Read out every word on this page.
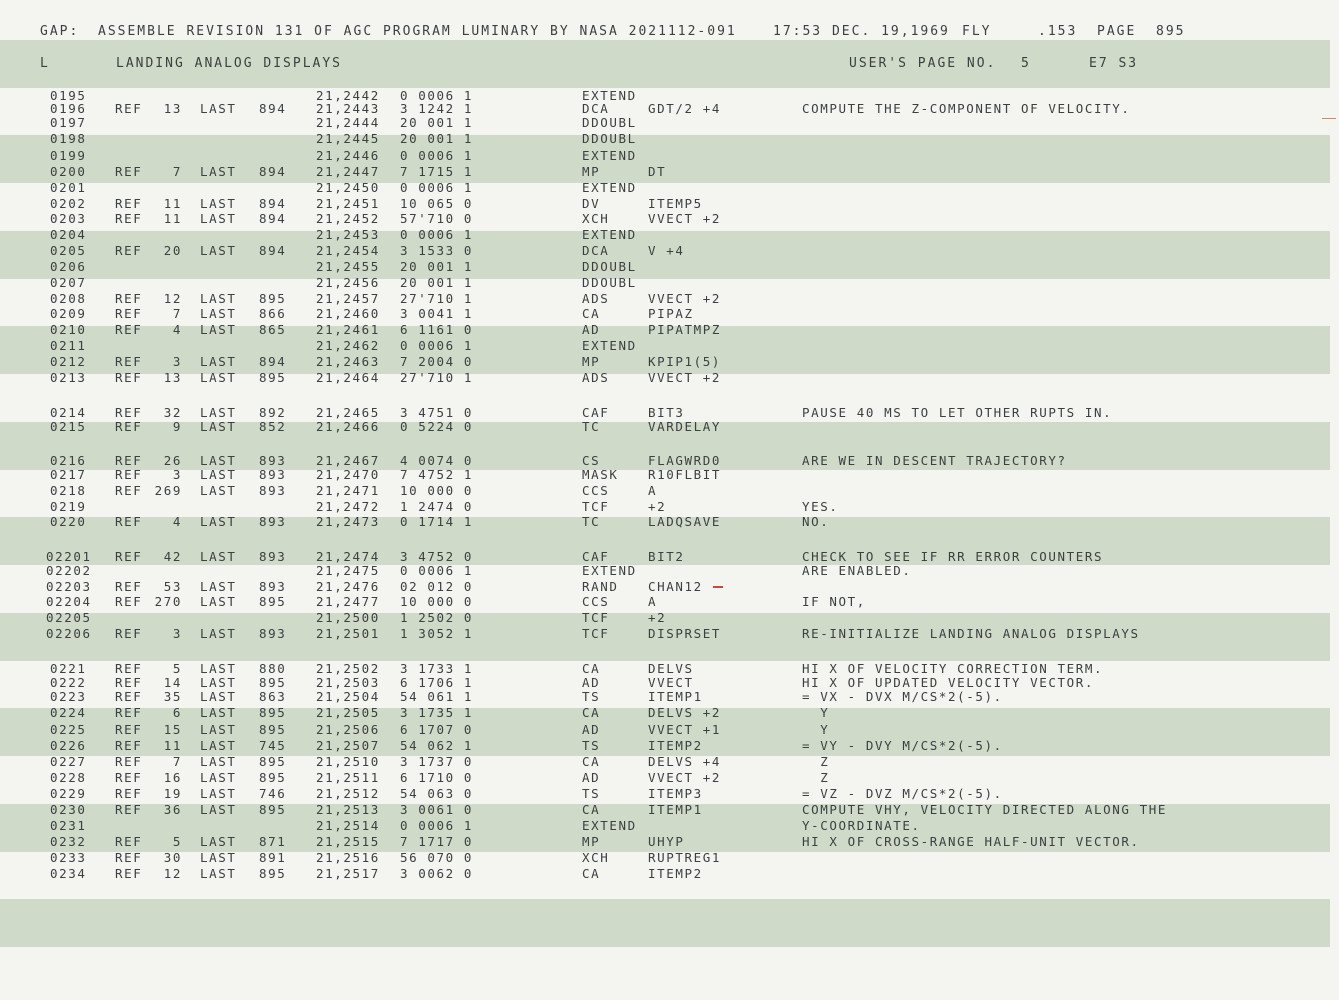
GAP: ASSEMBLE REVISION 131 OF AGC PROGRAM LUMINARY BY NASA 2021112-091	17:53 DEC. 19,1969 FLY	.153 PAGE 895
L	LANDING ANALOG DISPLAYS	USER'S PAGE NO. 5	E7 S3
0195	21,2442 0 0006 1	EXTEND
0196 REF 13 LAST 894 21,2443 3 1242 1	DCA	GDT/2 +4	COMPUTE THE Z-COMPONENT OF VELOCITY.
0197	21,2444 20 001 1	DDOUBL
0198	21,2445 20 001 1	DDOUBL
0199	21,2446 0 0006 1	EXTEND
0200 REF 7 LAST 894 21,2447 7 1715 1	MP	DT
0201	21,2450 0 0006 1	EXTEND
0202 REF 11 LAST 894 21,2451 10 065 0	DV	ITEMP5
0203 REF 11 LAST 894 21,2452 57'710 0	XCH	VVECT +2
0204	21,2453 0 0006 1	EXTEND
0205 REF 20 LAST 894 21,2454 3 1533 0	DCA	V +4
0206	21,2455 20 001 1	DDOUBL
0207	21,2456 20 001 1	DDOUBL
0208 REF 12 LAST 895 21,2457 27'710 1	ADS	VVECT +2
0209 REF 7 LAST 866 21,2460 3 0041 1	CA	PIPAZ
0210 REF 4 LAST 865 21,2461 6 1161 0	AD	PIPATMPZ
0211	21,2462 0 0006 1	EXTEND
0212 REF 3 LAST 894 21,2463 7 2004 0	MP	KPIP1(5)
0213 REF 13 LAST 895 21,2464 27'710 1	ADS	VVECT +2
0214 REF 32 LAST 892 21,2465 3 4751 0	CAF	BIT3	PAUSE 40 MS TO LET OTHER RUPTS IN.
0215 REF 9 LAST 852 21,2466 0 5224 0	TC	VARDELAY
0216 REF 26 LAST 893 21,2467 4 0074 0	CS	FLAGWRD0	ARE WE IN DESCENT TRAJECTORY?
0217 REF 3 LAST 893 21,2470 7 4752 1	MASK R10FLBIT
0218 REF 269 LAST 893 21,2471 10 000 0	CCS	A
0219	21,2472 1 2474 0	TCF	+2	YES.
0220 REF 4 LAST 893 21,2473 0 1714 1	TC	LADQSAVE	NO.
02201 REF 42 LAST 893 21,2474 3 4752 0	CAF	BIT2	CHECK TO SEE IF RR ERROR COUNTERS
02202	21,2475 0 0006 1	EXTEND	ARE ENABLED.
02203 REF 53 LAST 893 21,2476 02 012 0	RAND CHAN12
02204 REF 270 LAST 895 21,2477 10 000 0	CCS	A	IF NOT,
02205	21,2500 1 2502 0	TCF	+2
02206 REF 3 LAST 893 21,2501 1 3052 1	TCF	DISPRSET	RE-INITIALIZE LANDING ANALOG DISPLAYS
0221 REF 5 LAST 880 21,2502 3 1733 1	CA	DELVS	HI X OF VELOCITY CORRECTION TERM.
0222 REF 14 LAST 895 21,2503 6 1706 1	AD	VVECT	HI X OF UPDATED VELOCITY VECTOR.
0223 REF 35 LAST 863 21,2504 54 061 1	TS	ITEMP1	= VX - DVX M/CS*2(-5).
0224 REF 6 LAST 895 21,2505 3 1735 1	CA	DELVS +2	Y
0225 REF 15 LAST 895 21,2506 6 1707 0	AD	VVECT +1	Y
0226 REF 11 LAST 745 21,2507 54 062 1	TS	ITEMP2	= VY - DVY M/CS*2(-5).
0227 REF 7 LAST 895 21,2510 3 1737 0	CA	DELVS +4	Z
0228 REF 16 LAST 895 21,2511 6 1710 0	AD	VVECT +2	Z
0229 REF 19 LAST 746 21,2512 54 063 0	TS	ITEMP3	= VZ - DVZ M/CS*2(-5).
0230 REF 36 LAST 895 21,2513 3 0061 0	CA	ITEMP1	COMPUTE VHY, VELOCITY DIRECTED ALONG THE
0231	21,2514 0 0006 1	EXTEND	Y-COORDINATE.
0232 REF 5 LAST 871 21,2515 7 1717 0	MP	UHYP	HI X OF CROSS-RANGE HALF-UNIT VECTOR.
0233 REF 30 LAST 891 21,2516 56 070 0	XCH	RUPTREG1
0234 REF 12 LAST 895 21,2517 3 0062 0	CA	ITEMP2
